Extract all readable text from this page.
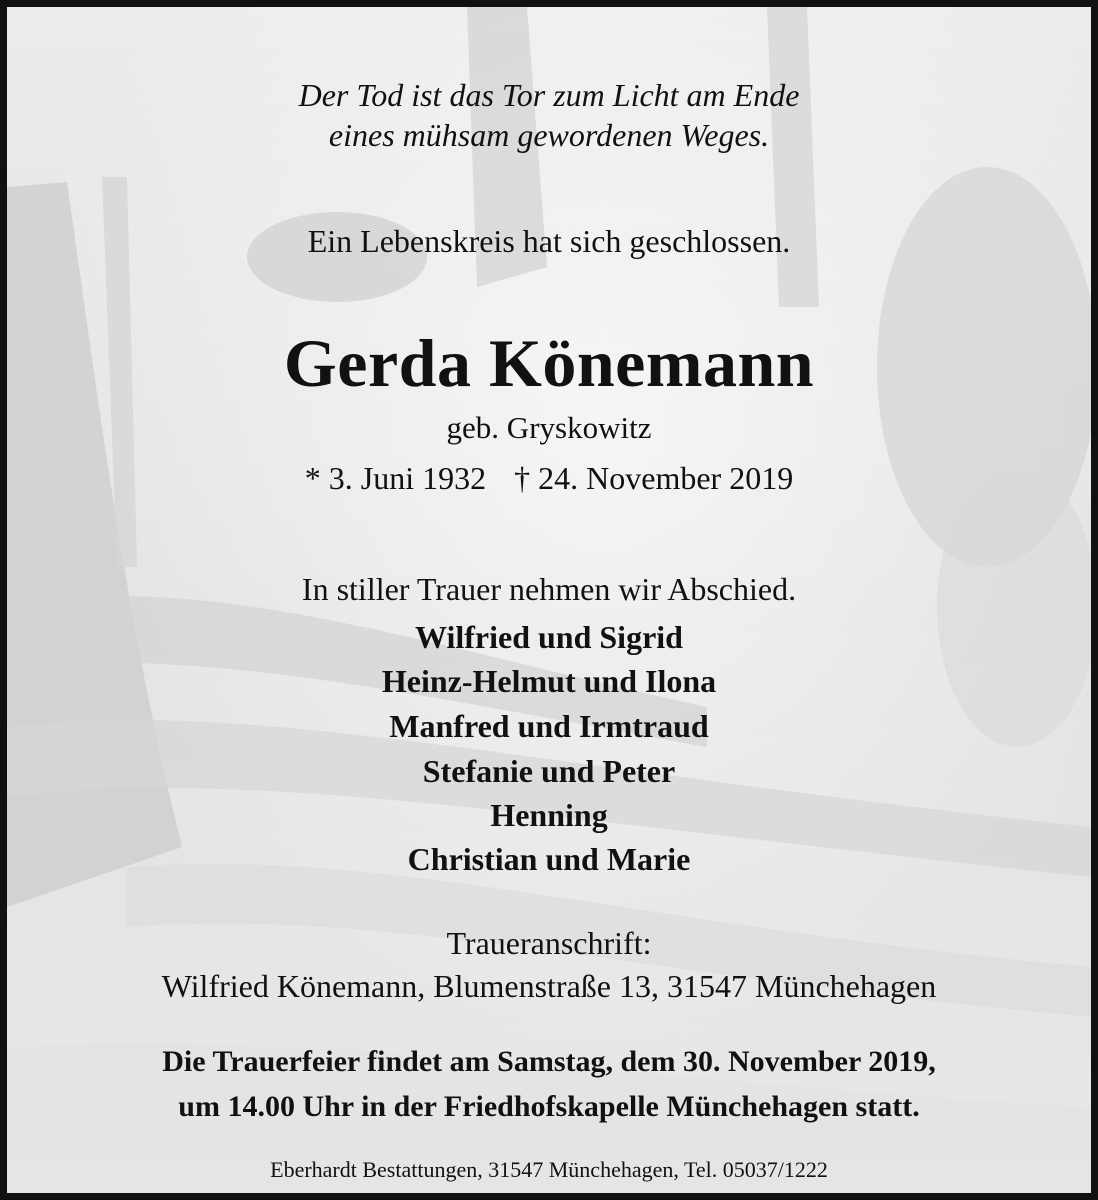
Der Tod ist das Tor zum Licht am Ende
eines mühsam gewordenen Weges.
Ein Lebenskreis hat sich geschlossen.
Gerda Könemann
geb. Gryskowitz
* 3. Juni 1932 † 24. November 2019
In stiller Trauer nehmen wir Abschied.
Wilfried und Sigrid
Heinz-Helmut und Ilona
Manfred und Irmtraud
Stefanie und Peter
Henning
Christian und Marie
Traueranschrift:
Wilfried Könemann, Blumenstraße 13, 31547 Münchehagen
Die Trauerfeier findet am Samstag, dem 30. November 2019,
um 14.00 Uhr in der Friedhofskapelle Münchehagen statt.
Eberhardt Bestattungen, 31547 Münchehagen, Tel. 05037/1222
